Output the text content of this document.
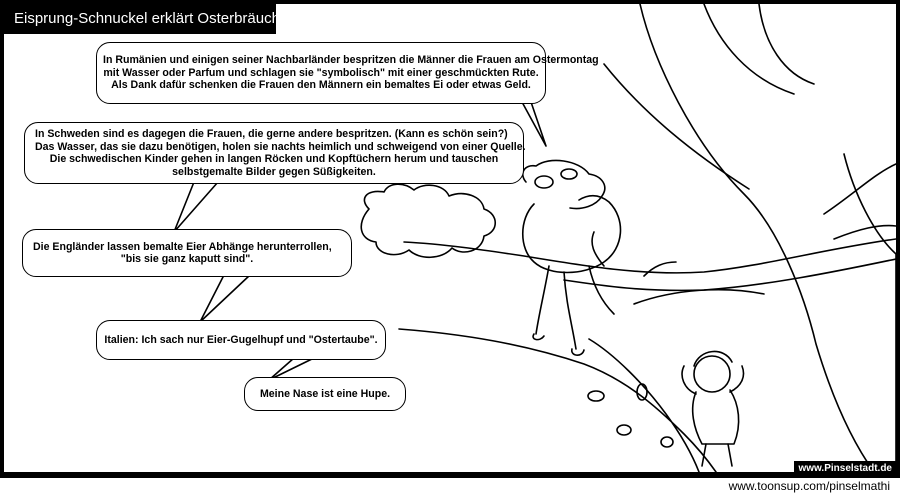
Eisprung-Schnuckel erklärt Osterbräuche.
In Rumänien und einigen seiner Nachbarländer bespritzen die Männer die Frauen am Ostermontag
mit Wasser oder Parfum und schlagen sie "symbolisch" mit einer geschmückten Rute.
Als Dank dafür schenken die Frauen den Männern ein bemaltes Ei oder etwas Geld.
In Schweden sind es dagegen die Frauen, die gerne andere bespritzen. (Kann es schön sein?)
Das Wasser, das sie dazu benötigen, holen sie nachts heimlich und schweigend von einer Quelle.
Die schwedischen Kinder gehen in langen Röcken und Kopftüchern herum und tauschen
selbstgemalte Bilder gegen Süßigkeiten.
Die Engländer lassen bemalte Eier Abhänge herunterrollen,
"bis sie ganz kaputt sind".
Italien: Ich sach nur Eier-Gugelhupf und "Ostertaube".
Meine Nase ist eine Hupe.
www.Pinselstadt.de
www.toonsup.com/pinselmathi
